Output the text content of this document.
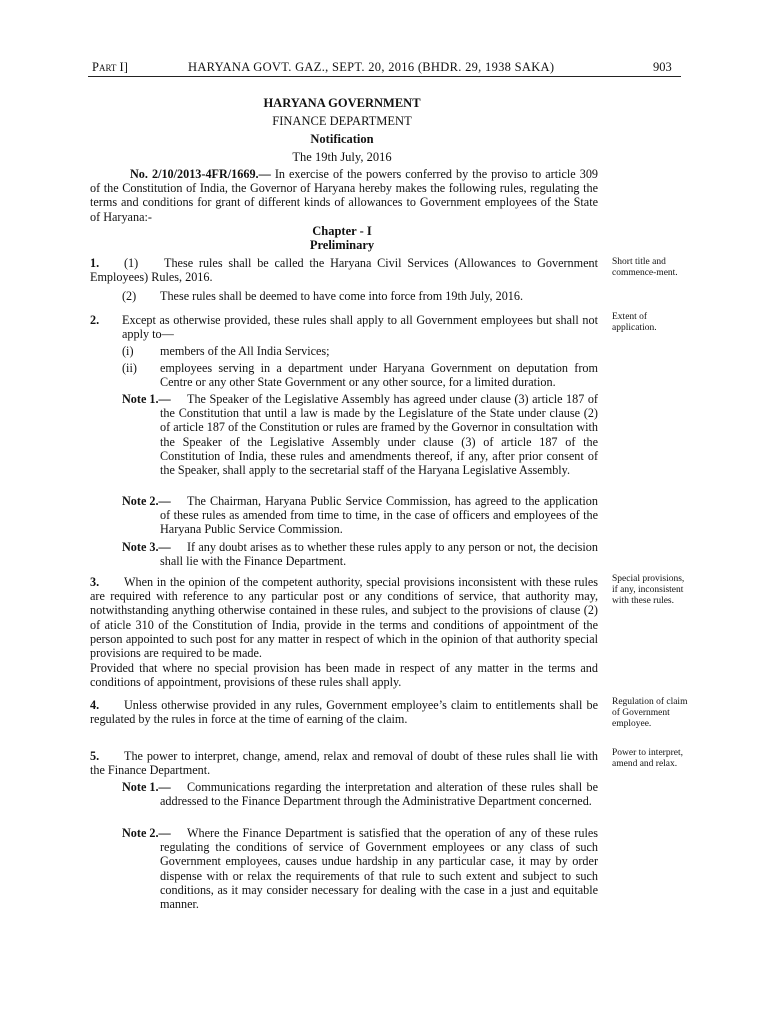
Part I]	HARYANA GOVT. GAZ., SEPT. 20, 2016 (BHDR. 29, 1938 SAKA)	903
HARYANA GOVERNMENT
FINANCE DEPARTMENT
Notification
The 19th July, 2016
No. 2/10/2013-4FR/1669.— In exercise of the powers conferred by the proviso to article 309 of the Constitution of India, the Governor of Haryana hereby makes the following rules, regulating the terms and conditions for grant of different kinds of allowances to Government employees of the State of Haryana:-
Chapter - I
Preliminary
1. (1) These rules shall be called the Haryana Civil Services (Allowances to Government Employees) Rules, 2016.
(2) These rules shall be deemed to have come into force from 19th July, 2016.
Short title and commence-ment.
2. Except as otherwise provided, these rules shall apply to all Government employees but shall not apply to—
(i) members of the All India Services;
(ii) employees serving in a department under Haryana Government on deputation from Centre or any other State Government or any other source, for a limited duration.
Note 1.—	The Speaker of the Legislative Assembly has agreed under clause (3) article 187 of the Constitution that until a law is made by the Legislature of the State under clause (2) of article 187 of the Constitution or rules are framed by the Governor in consultation with the Speaker of the Legislative Assembly under clause (3) of article 187 of the Constitution of India, these rules and amendments thereof, if any, after prior consent of the Speaker, shall apply to the secretarial staff of the Haryana Legislative Assembly.
Note 2.—	The Chairman, Haryana Public Service Commission, has agreed to the application of these rules as amended from time to time, in the case of officers and employees of the Haryana Public Service Commission.
Note 3.—	If any doubt arises as to whether these rules apply to any person or not, the decision shall lie with the Finance Department.
Extent of application.
3. When in the opinion of the competent authority, special provisions inconsistent with these rules are required with reference to any particular post or any conditions of service, that authority may, notwithstanding anything otherwise contained in these rules, and subject to the provisions of clause (2) of aticle 310 of the Constitution of India, provide in the terms and conditions of appointment of the person appointed to such post for any matter in respect of which in the opinion of that authority special provisions are required to be made.
Provided that where no special provision has been made in respect of any matter in the terms and conditions of appointment, provisions of these rules shall apply.
Special provisions, if any, inconsistent with these rules.
4. Unless otherwise provided in any rules, Government employee’s claim to entitlements shall be regulated by the rules in force at the time of earning of the claim.
Regulation of claim of Government employee.
5. The power to interpret, change, amend, relax and removal of doubt of these rules shall lie with the Finance Department.
Note 1.—	Communications regarding the interpretation and alteration of these rules shall be addressed to the Finance Department through the Administrative Department concerned.
Note 2.—	Where the Finance Department is satisfied that the operation of any of these rules regulating the conditions of service of Government employees or any class of such Government employees, causes undue hardship in any particular case, it may by order dispense with or relax the requirements of that rule to such extent and subject to such conditions, as it may consider necessary for dealing with the case in a just and equitable manner.
Power to interpret, amend and relax.
